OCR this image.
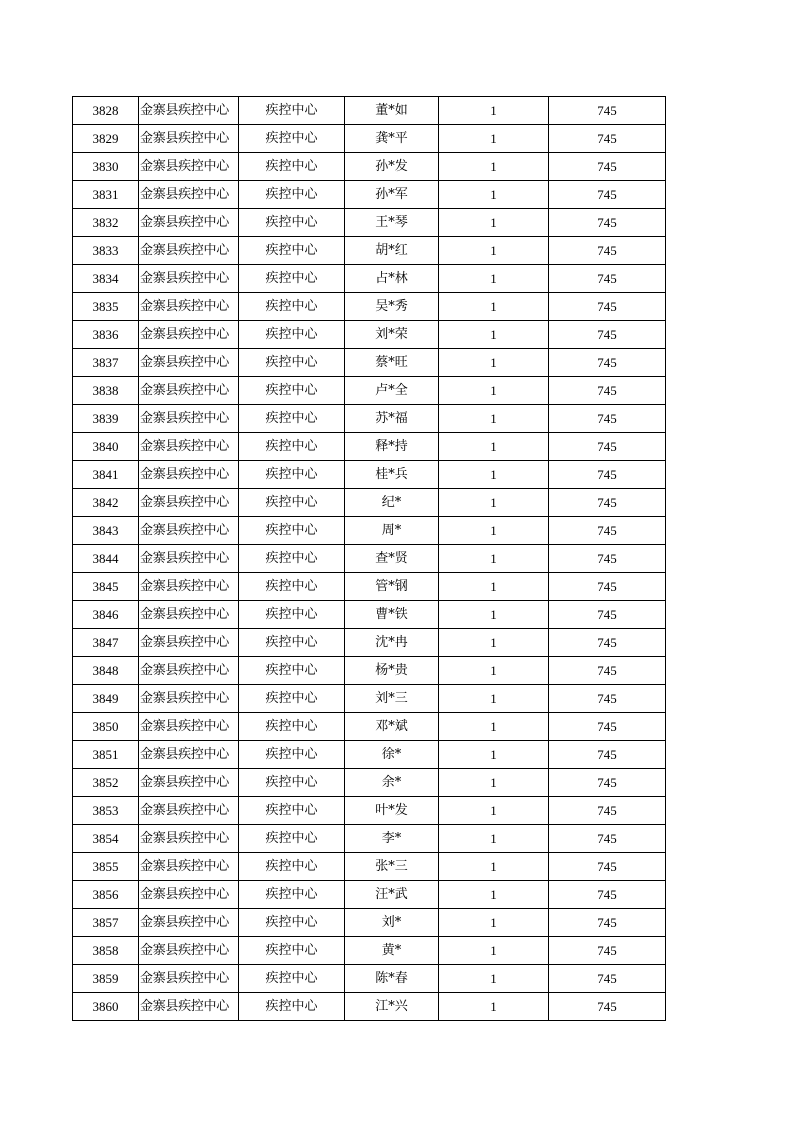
3828	金寨县疾控中心	疾控中心	董*如	1	745
3829	金寨县疾控中心	疾控中心	龚*平	1	745
3830	金寨县疾控中心	疾控中心	孙*发	1	745
3831	金寨县疾控中心	疾控中心	孙*军	1	745
3832	金寨县疾控中心	疾控中心	王*琴	1	745
3833	金寨县疾控中心	疾控中心	胡*红	1	745
3834	金寨县疾控中心	疾控中心	占*林	1	745
3835	金寨县疾控中心	疾控中心	吴*秀	1	745
3836	金寨县疾控中心	疾控中心	刘*荣	1	745
3837	金寨县疾控中心	疾控中心	蔡*旺	1	745
3838	金寨县疾控中心	疾控中心	卢*全	1	745
3839	金寨县疾控中心	疾控中心	苏*福	1	745
3840	金寨县疾控中心	疾控中心	释*持	1	745
3841	金寨县疾控中心	疾控中心	桂*兵	1	745
3842	金寨县疾控中心	疾控中心	纪*	1	745
3843	金寨县疾控中心	疾控中心	周*	1	745
3844	金寨县疾控中心	疾控中心	查*贤	1	745
3845	金寨县疾控中心	疾控中心	管*钢	1	745
3846	金寨县疾控中心	疾控中心	曹*铁	1	745
3847	金寨县疾控中心	疾控中心	沈*冉	1	745
3848	金寨县疾控中心	疾控中心	杨*贵	1	745
3849	金寨县疾控中心	疾控中心	刘*三	1	745
3850	金寨县疾控中心	疾控中心	邓*斌	1	745
3851	金寨县疾控中心	疾控中心	徐*	1	745
3852	金寨县疾控中心	疾控中心	余*	1	745
3853	金寨县疾控中心	疾控中心	叶*发	1	745
3854	金寨县疾控中心	疾控中心	李*	1	745
3855	金寨县疾控中心	疾控中心	张*三	1	745
3856	金寨县疾控中心	疾控中心	汪*武	1	745
3857	金寨县疾控中心	疾控中心	刘*	1	745
3858	金寨县疾控中心	疾控中心	黄*	1	745
3859	金寨县疾控中心	疾控中心	陈*春	1	745
3860	金寨县疾控中心	疾控中心	江*兴	1	745
